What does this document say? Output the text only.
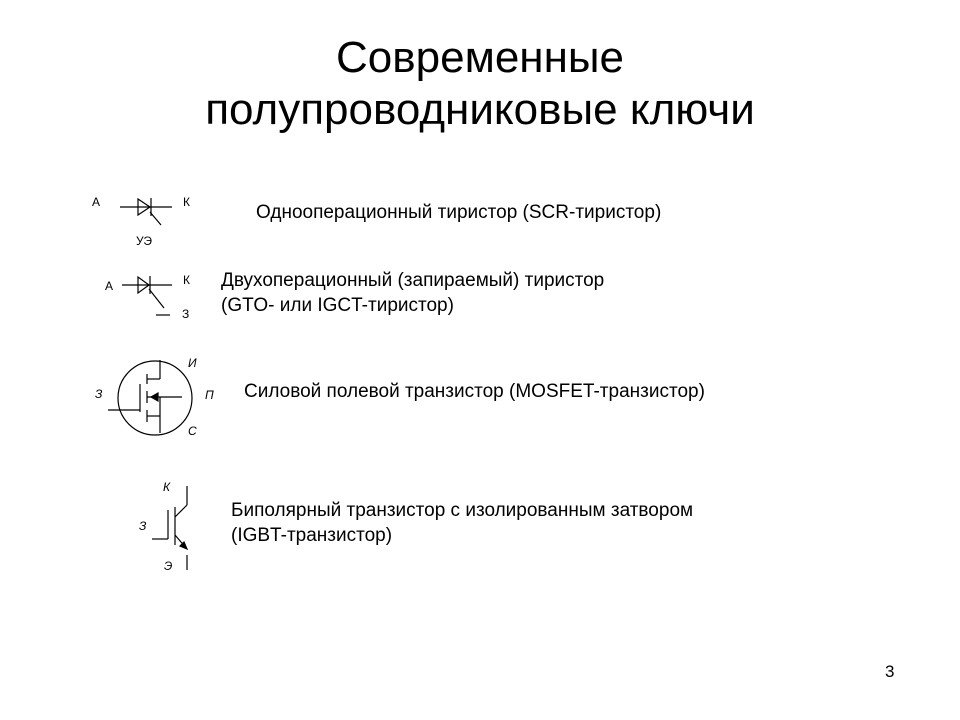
Современные
полупроводниковые ключи
А	К
УЭ
Однооперационный тиристор (SCR-тиристор)
А	К
З
Двухоперационный (запираемый) тиристор
(GTO- или IGCT-тиристор)
И
З	П
С
Силовой полевой транзистор (MOSFET-транзистор)
К
З
Э
Биполярный транзистор с изолированным затвором
(IGBT-транзистор)
3
